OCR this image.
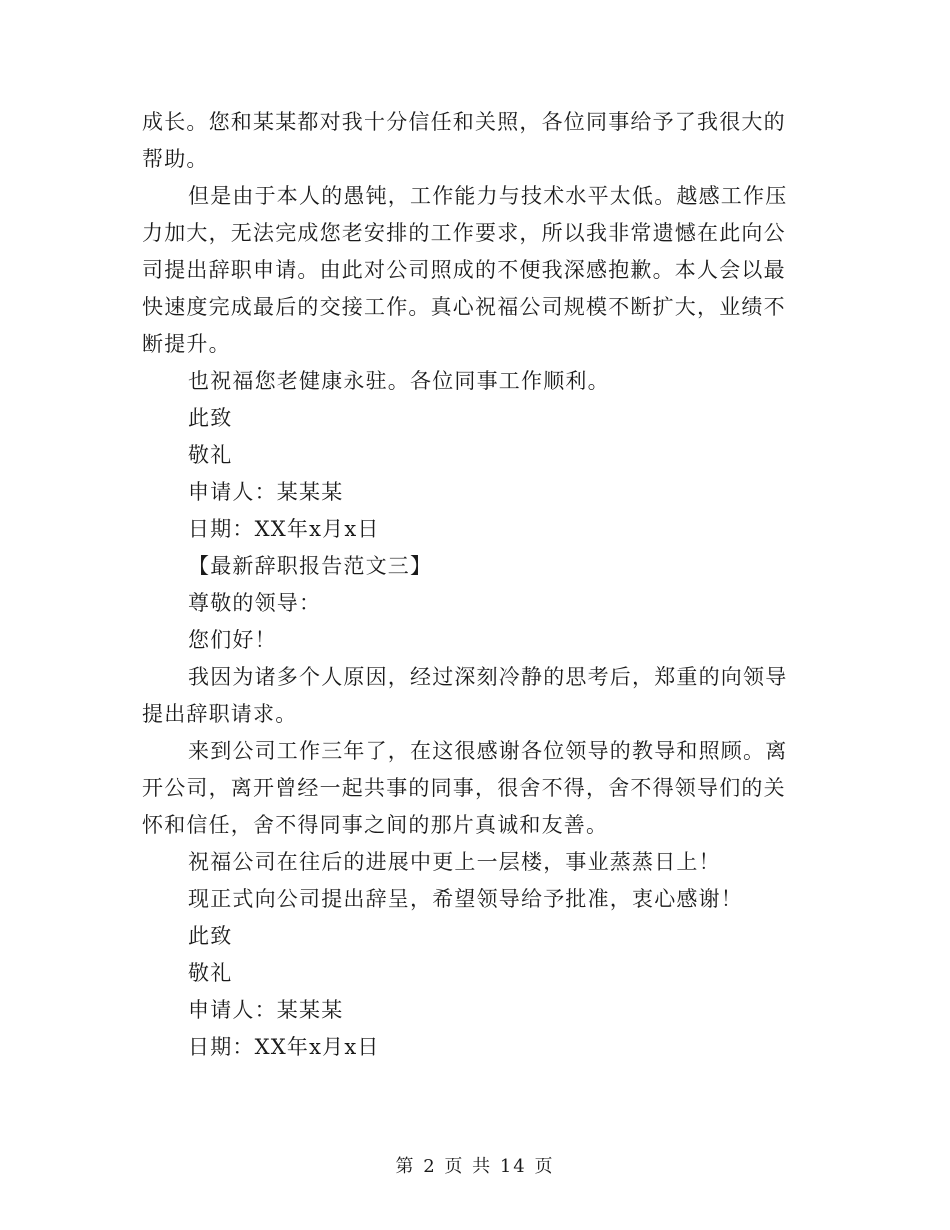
成长。您和某某都对我十分信任和关照，各位同事给予了我很大的帮助。

但是由于本人的愚钝，工作能力与技术水平太低。越感工作压力加大，无法完成您老安排的工作要求，所以我非常遗憾在此向公司提出辞职申请。由此对公司照成的不便我深感抱歉。本人会以最快速度完成最后的交接工作。真心祝福公司规模不断扩大，业绩不断提升。

也祝福您老健康永驻。各位同事工作顺利。

此致

敬礼

申请人：某某某

日期：XX年x月x日

【最新辞职报告范文三】

尊敬的领导：

您们好！

我因为诸多个人原因，经过深刻冷静的思考后，郑重的向领导提出辞职请求。

来到公司工作三年了，在这很感谢各位领导的教导和照顾。离开公司，离开曾经一起共事的同事，很舍不得，舍不得领导们的关怀和信任，舍不得同事之间的那片真诚和友善。

祝福公司在往后的进展中更上一层楼，事业蒸蒸日上！

现正式向公司提出辞呈，希望领导给予批准，衷心感谢！

此致

敬礼

申请人：某某某

日期：XX年x月x日

第 2 页 共 14 页
